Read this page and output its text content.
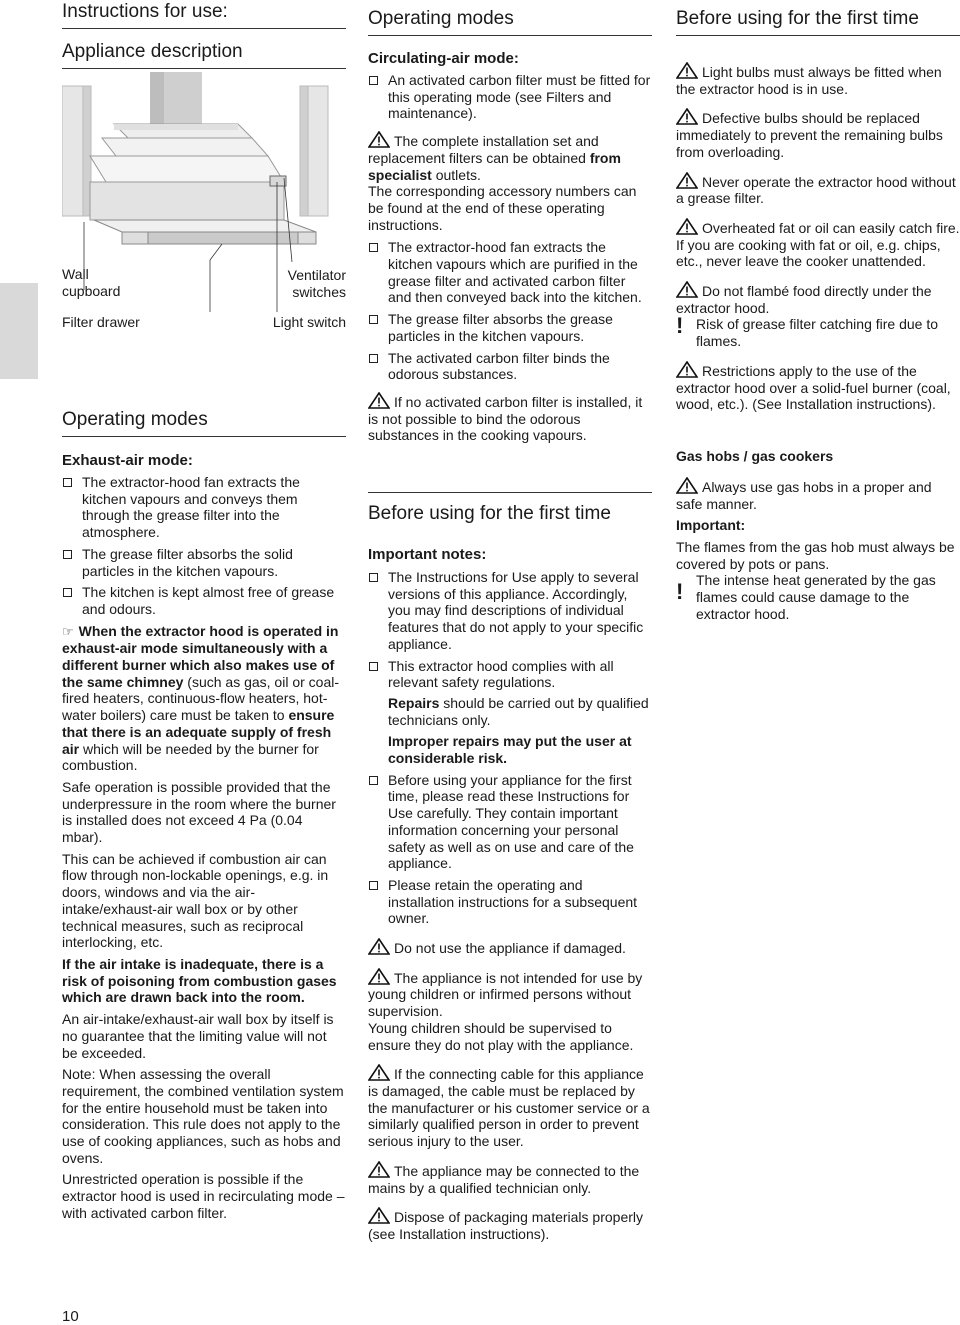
Instructions for use:
Appliance description
Wall
cupboard
Filter drawer
Ventilator
switches
Light switch
Operating modes
Exhaust-air mode:
The extractor-hood fan extracts the kitchen vapours and conveys them through the grease filter into the atmosphere.
The grease filter absorbs the solid particles in the kitchen vapours.
The kitchen is kept almost free of grease and odours.

☞ When the extractor hood is operated in exhaust-air mode simultaneously with a different burner which also makes use of the same chimney (such as gas, oil or coal-fired heaters, continuous-flow heaters, hot-water boilers) care must be taken to ensure that there is an adequate supply of fresh air which will be needed by the burner for combustion.

Safe operation is possible provided that the underpressure in the room where the burner is installed does not exceed 4 Pa (0.04 mbar).

This can be achieved if combustion air can flow through non-lockable openings, e.g. in doors, windows and via the air-intake/exhaust-air wall box or by other technical measures, such as reciprocal interlocking, etc.

If the air intake is inadequate, there is a risk of poisoning from combustion gases which are drawn back into the room.

An air-intake/exhaust-air wall box by itself is no guarantee that the limiting value will not be exceeded.

Note: When assessing the overall requirement, the combined ventilation system for the entire household must be taken into consideration. This rule does not apply to the use of cooking appliances, such as hobs and ovens.

Unrestricted operation is possible if the extractor hood is used in recirculating mode – with activated carbon filter.

Operating modes
Circulating-air mode:
An activated carbon filter must be fitted for this operating mode (see Filters and maintenance).

The complete installation set and replacement filters can be obtained from specialist outlets.

The corresponding accessory numbers can be found at the end of these operating instructions.

The extractor-hood fan extracts the kitchen vapours which are purified in the grease filter and activated carbon filter and then conveyed back into the kitchen.
The grease filter absorbs the grease particles in the kitchen vapours.
The activated carbon filter binds the odorous substances.

If no activated carbon filter is installed, it is not possible to bind the odorous substances in the cooking vapours.

Before using for the first time
Important notes:
The Instructions for Use apply to several versions of this appliance. Accordingly, you may find descriptions of individual features that do not apply to your specific appliance.
This extractor hood complies with all relevant safety regulations.

Repairs should be carried out by qualified technicians only.

Improper repairs may put the user at considerable risk.

Before using your appliance for the first time, please read these Instructions for Use carefully. They contain important information concerning your personal safety as well as on use and care of the appliance.
Please retain the operating and installation instructions for a subsequent owner.

Do not use the appliance if damaged.

The appliance is not intended for use by young children or infirmed persons without supervision.

Young children should be supervised to ensure they do not play with the appliance.

If the connecting cable for this appliance is damaged, the cable must be replaced by the manufacturer or his customer service or a similarly qualified person in order to prevent serious injury to the user.

The appliance may be connected to the mains by a qualified technician only.

Dispose of packaging materials properly (see Installation instructions).

Before using for the first time

Light bulbs must always be fitted when the extractor hood is in use.

Defective bulbs should be replaced immediately to prevent the remaining bulbs from overloading.

Never operate the extractor hood without a grease filter.

Overheated fat or oil can easily catch fire.

If you are cooking with fat or oil, e.g. chips, etc., never leave the cooker unattended.

Do not flambé food directly under the extractor hood.

! Risk of grease filter catching fire due to flames.

Restrictions apply to the use of the extractor hood over a solid-fuel burner (coal, wood, etc.). (See Installation instructions).

Gas hobs / gas cookers

Always use gas hobs in a proper and safe manner.

Important:

The flames from the gas hob must always be covered by pots or pans.

! The intense heat generated by the gas flames could cause damage to the extractor hood.

10
